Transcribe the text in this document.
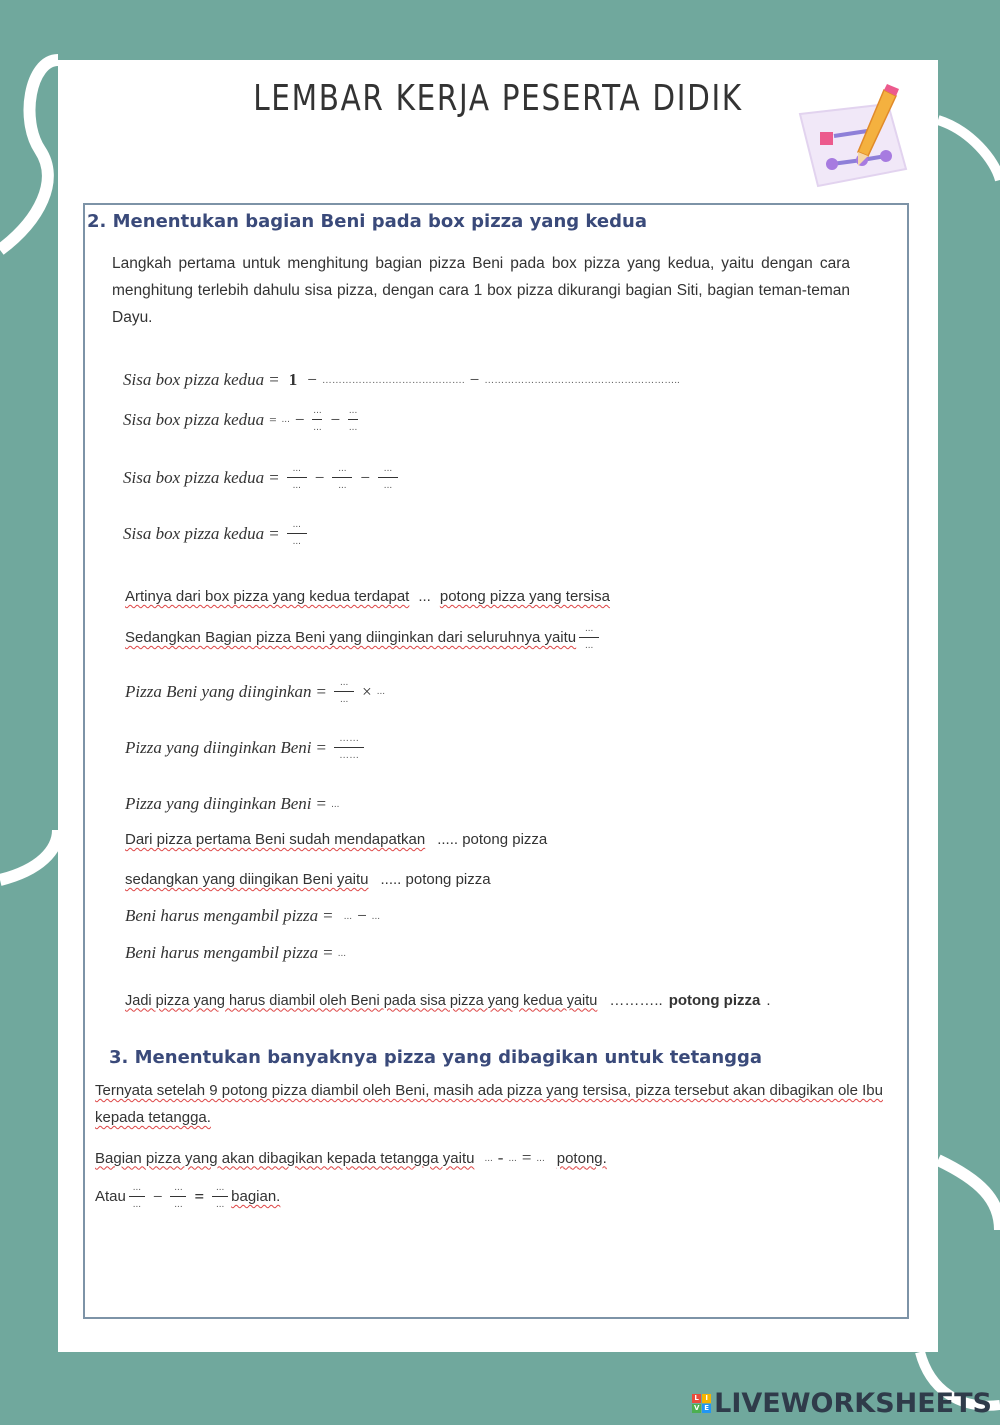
LEMBAR KERJA PESERTA DIDIK
2. Menentukan bagian Beni pada box pizza yang kedua
Langkah pertama untuk menghitung bagian pizza Beni pada box pizza yang kedua, yaitu dengan cara menghitung terlebih dahulu sisa pizza, dengan cara 1 box pizza dikurangi bagian Siti, bagian teman-teman Dayu.
Sisa box pizza kedua = 1 − ……………………………………. − …………………………………………………..
Sisa box pizza kedua = ... − $\frac{...}{...} - \frac{...}{...}$
Sisa box pizza kedua = $\frac{...}{...} - \frac{...}{...} - \frac{...}{...}$
Sisa box pizza kedua = $\frac{...}{...}$
Artinya dari box pizza yang kedua terdapat ... potong pizza yang tersisa
Sedangkan Bagian pizza Beni yang diinginkan dari seluruhnya yaitu $\frac{...}{...}$
Pizza Beni yang diinginkan = $\frac{...}{...}$ × ...
Pizza yang diinginkan Beni = $\frac{\dots\dots}{\dots\dots}$
Pizza yang diinginkan Beni = ...
Dari pizza pertama Beni sudah mendapatkan ..... potong pizza
sedangkan yang diingikan Beni yaitu ..... potong pizza
Beni harus mengambil pizza = ... − ...
Beni harus mengambil pizza = ...
Jadi pizza yang harus diambil oleh Beni pada sisa pizza yang kedua yaitu ……….. potong pizza .
3. Menentukan banyaknya pizza yang dibagikan untuk tetangga
Ternyata setelah 9 potong pizza diambil oleh Beni, masih ada pizza yang tersisa, pizza tersebut akan dibagikan ole Ibu kepada tetangga.
Bagian pizza yang akan dibagikan kepada tetangga yaitu ... - ... = ... potong.
Atau $\frac{...}{...} - \frac{...}{...} = \frac{...}{...}$ bagian.
L I
V E LIVEWORKSHEETS
